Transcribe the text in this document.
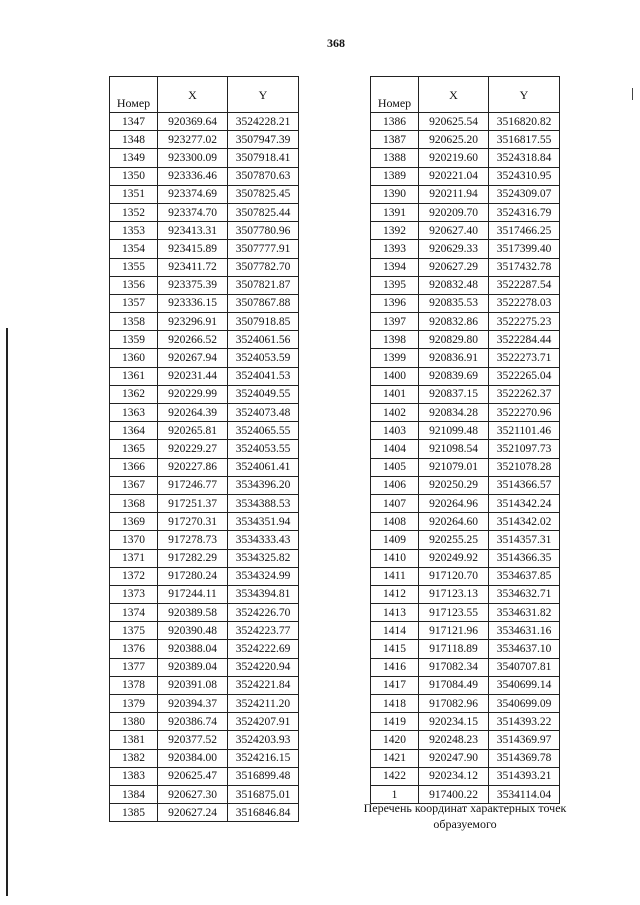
368
Номер	X	Y
1347	920369.64	3524228.21
1348	923277.02	3507947.39
1349	923300.09	3507918.41
1350	923336.46	3507870.63
1351	923374.69	3507825.45
1352	923374.70	3507825.44
1353	923413.31	3507780.96
1354	923415.89	3507777.91
1355	923411.72	3507782.70
1356	923375.39	3507821.87
1357	923336.15	3507867.88
1358	923296.91	3507918.85
1359	920266.52	3524061.56
1360	920267.94	3524053.59
1361	920231.44	3524041.53
1362	920229.99	3524049.55
1363	920264.39	3524073.48
1364	920265.81	3524065.55
1365	920229.27	3524053.55
1366	920227.86	3524061.41
1367	917246.77	3534396.20
1368	917251.37	3534388.53
1369	917270.31	3534351.94
1370	917278.73	3534333.43
1371	917282.29	3534325.82
1372	917280.24	3534324.99
1373	917244.11	3534394.81
1374	920389.58	3524226.70
1375	920390.48	3524223.77
1376	920388.04	3524222.69
1377	920389.04	3524220.94
1378	920391.08	3524221.84
1379	920394.37	3524211.20
1380	920386.74	3524207.91
1381	920377.52	3524203.93
1382	920384.00	3524216.15
1383	920625.47	3516899.48
1384	920627.30	3516875.01
1385	920627.24	3516846.84
Номер	X	Y
1386	920625.54	3516820.82
1387	920625.20	3516817.55
1388	920219.60	3524318.84
1389	920221.04	3524310.95
1390	920211.94	3524309.07
1391	920209.70	3524316.79
1392	920627.40	3517466.25
1393	920629.33	3517399.40
1394	920627.29	3517432.78
1395	920832.48	3522287.54
1396	920835.53	3522278.03
1397	920832.86	3522275.23
1398	920829.80	3522284.44
1399	920836.91	3522273.71
1400	920839.69	3522265.04
1401	920837.15	3522262.37
1402	920834.28	3522270.96
1403	921099.48	3521101.46
1404	921098.54	3521097.73
1405	921079.01	3521078.28
1406	920250.29	3514366.57
1407	920264.96	3514342.24
1408	920264.60	3514342.02
1409	920255.25	3514357.31
1410	920249.92	3514366.35
1411	917120.70	3534637.85
1412	917123.13	3534632.71
1413	917123.55	3534631.82
1414	917121.96	3534631.16
1415	917118.89	3534637.10
1416	917082.34	3540707.81
1417	917084.49	3540699.14
1418	917082.96	3540699.09
1419	920234.15	3514393.22
1420	920248.23	3514369.97
1421	920247.90	3514369.78
1422	920234.12	3514393.21
1	917400.22	3534114.04
Перечень координат характерных точек
образуемого
